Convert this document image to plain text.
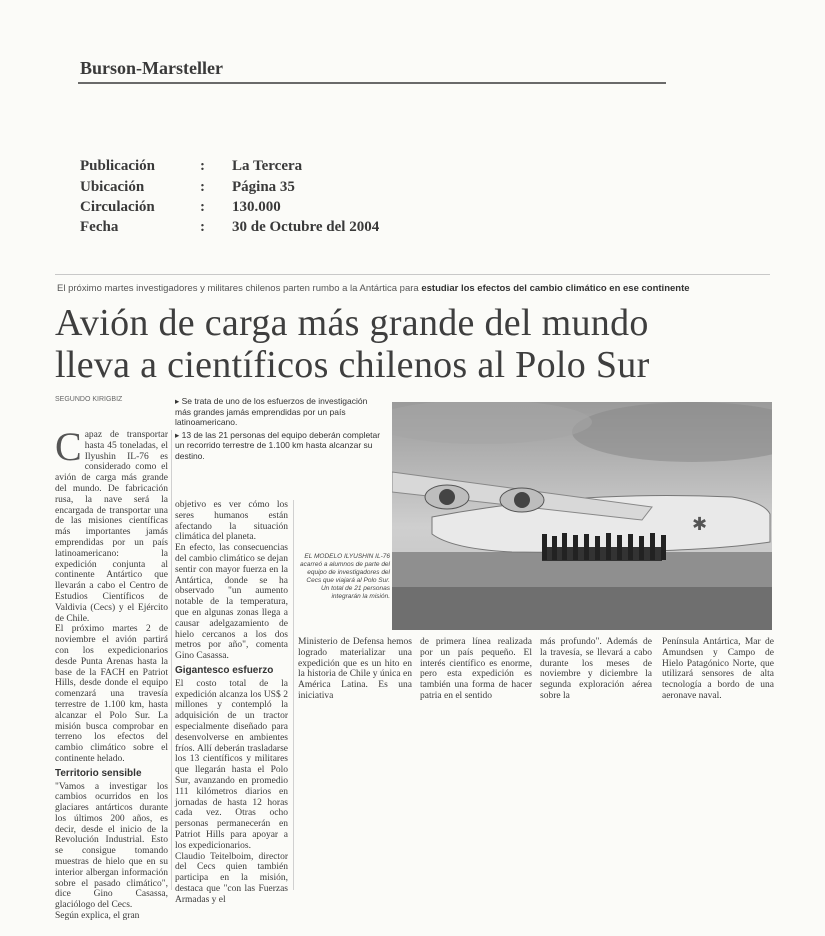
Burson-Marsteller
Publicación	: La Tercera
Ubicación	: Página 35
Circulación	: 130.000
Fecha	: 30 de Octubre del 2004
El próximo martes investigadores y militares chilenos parten rumbo a la Antártica para estudiar los efectos del cambio climático en ese continente
Avión de carga más grande del mundo
lleva a científicos chilenos al Polo Sur
SEGUNDO KIRIGBIZ

Capaz de transportar hasta 45 toneladas, el Ilyushin IL-76 es considerado como el avión de carga más grande del mundo. De fabricación rusa, la nave será la encargada de transportar una de las misiones científicas más importantes jamás emprendidas por un país latinoamericano: la expedición conjunta al continente Antártico que llevarán a cabo el Centro de Estudios Científicos de Valdivia (Cecs) y el Ejército de Chile.

El próximo martes 2 de noviembre el avión partirá con los expedicionarios desde Punta Arenas hasta la base de la FACH en Patriot Hills, desde donde el equipo comenzará una travesía terrestre de 1.100 km, hasta alcanzar el Polo Sur. La misión busca comprobar en terreno los efectos del cambio climático sobre el continente helado.

Territorio sensible

"Vamos a investigar los cambios ocurridos en los glaciares antárticos durante los últimos 200 años, es decir, desde el inicio de la Revolución Industrial. Esto se consigue tomando muestras de hielo que en su interior albergan información sobre el pasado climático", dice Gino Casassa, glaciólogo del Cecs.

Según explica, el gran

▸ Se trata de uno de los esfuerzos de investigación más grandes jamás emprendidas por un país latinoamericano.
▸ 13 de las 21 personas del equipo deberán completar un recorrido terrestre de 1.100 km hasta alcanzar su destino.

objetivo es ver cómo los seres humanos están afectando la situación climática del planeta.

En efecto, las consecuencias del cambio climático se dejan sentir con mayor fuerza en la Antártica, donde se ha observado "un aumento notable de la temperatura, que en algunas zonas llega a causar adelgazamiento de hielo cercanos a los dos metros por año", comenta Gino Casassa.

Gigantesco esfuerzo

El costo total de la expedición alcanza los US$ 2 millones y contempló la adquisición de un tractor especialmente diseñado para desenvolverse en ambientes fríos. Allí deberán trasladarse los 13 científicos y militares que llegarán hasta el Polo Sur, avanzando en promedio 111 kilómetros diarios en jornadas de hasta 12 horas cada vez. Otras ocho personas permanecerán en Patriot Hills para apoyar a los expedicionarios.

Claudio Teitelboim, director del Cecs quien también participa en la misión, destaca que "con las Fuerzas Armadas y el

✱
EL MODELO ILYUSHIN IL-76 acarreó a alumnos de parte del equipo de investigadores del Cecs que viajará al Polo Sur. Un total de 21 personas integrarán la misión.

Ministerio de Defensa hemos logrado materializar una expedición que es un hito en la historia de Chile y única en América Latina. Es una iniciativa

de primera línea realizada por un país pequeño. El interés científico es enorme, pero esta expedición es también una forma de hacer patria en el sentido

más profundo". Además de la travesía, se llevará a cabo durante los meses de noviembre y diciembre la segunda exploración aérea sobre la

Península Antártica, Mar de Amundsen y Campo de Hielo Patagónico Norte, que utilizará sensores de alta tecnología a bordo de una aeronave naval.
